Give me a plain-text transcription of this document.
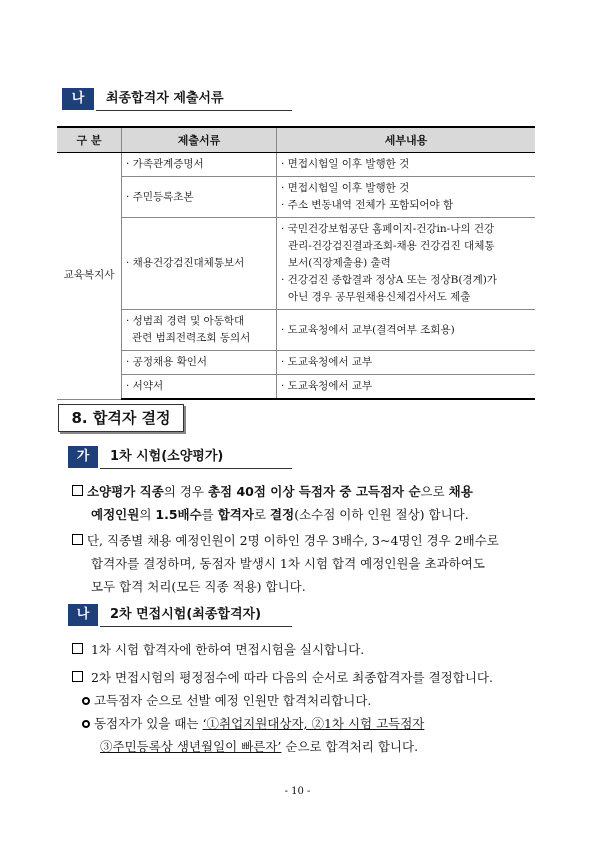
나	최종합격자 제출서류
구 분	제출서류	세부내용
교육복지사	· 가족관계증명서	· 면접시험일 이후 발행한 것
	· 주민등록초본	· 면접시험일 이후 발행한 것
· 주소 변동내역 전체가 포함되어야 함

	· 채용건강검진대체통보서	· 국민건강보험공단 홈페이지-건강in-나의 건강
관리-건강검진결과조회-채용 건강검진 대체통
보서(직장제출용) 출력
· 건강검진 종합결과 정상A 또는 정상B(경계)가
아닌 경우 공무원채용신체검사서도 제출

	· 성범죄 경력 및 아동학대
관련 범죄전력조회 동의서	· 도교육청에서 교부(결격여부 조회용)
	· 공정채용 확인서	· 도교육청에서 교부
	· 서약서	· 도교육청에서 교부
8. 합격자 결정
가	1차 시험(소양평가)
소양평가 직종의 경우 총점 40점 이상 득점자 중 고득점자 순으로 채용
예정인원의 1.5배수를 합격자로 결정(소수점 이하 인원 절상) 합니다.
단, 직종별 채용 예정인원이 2명 이하인 경우 3배수, 3~4명인 경우 2배수로
합격자를 결정하며, 동점자 발생시 1차 시험 합격 예정인원을 초과하여도
모두 합격 처리(모든 직종 적용) 합니다.
나	2차 면접시험(최종합격자)
1차 시험 합격자에 한하여 면접시험을 실시합니다.
2차 면접시험의 평정점수에 따라 다음의 순서로 최종합격자를 결정합니다.
고득점자 순으로 선발 예정 인원만 합격처리합니다.
동점자가 있을 때는 ‘①취업지원대상자, ②1차 시험 고득점자
③주민등록상 생년월일이 빠른자’ 순으로 합격처리 합니다.
- 10 -
